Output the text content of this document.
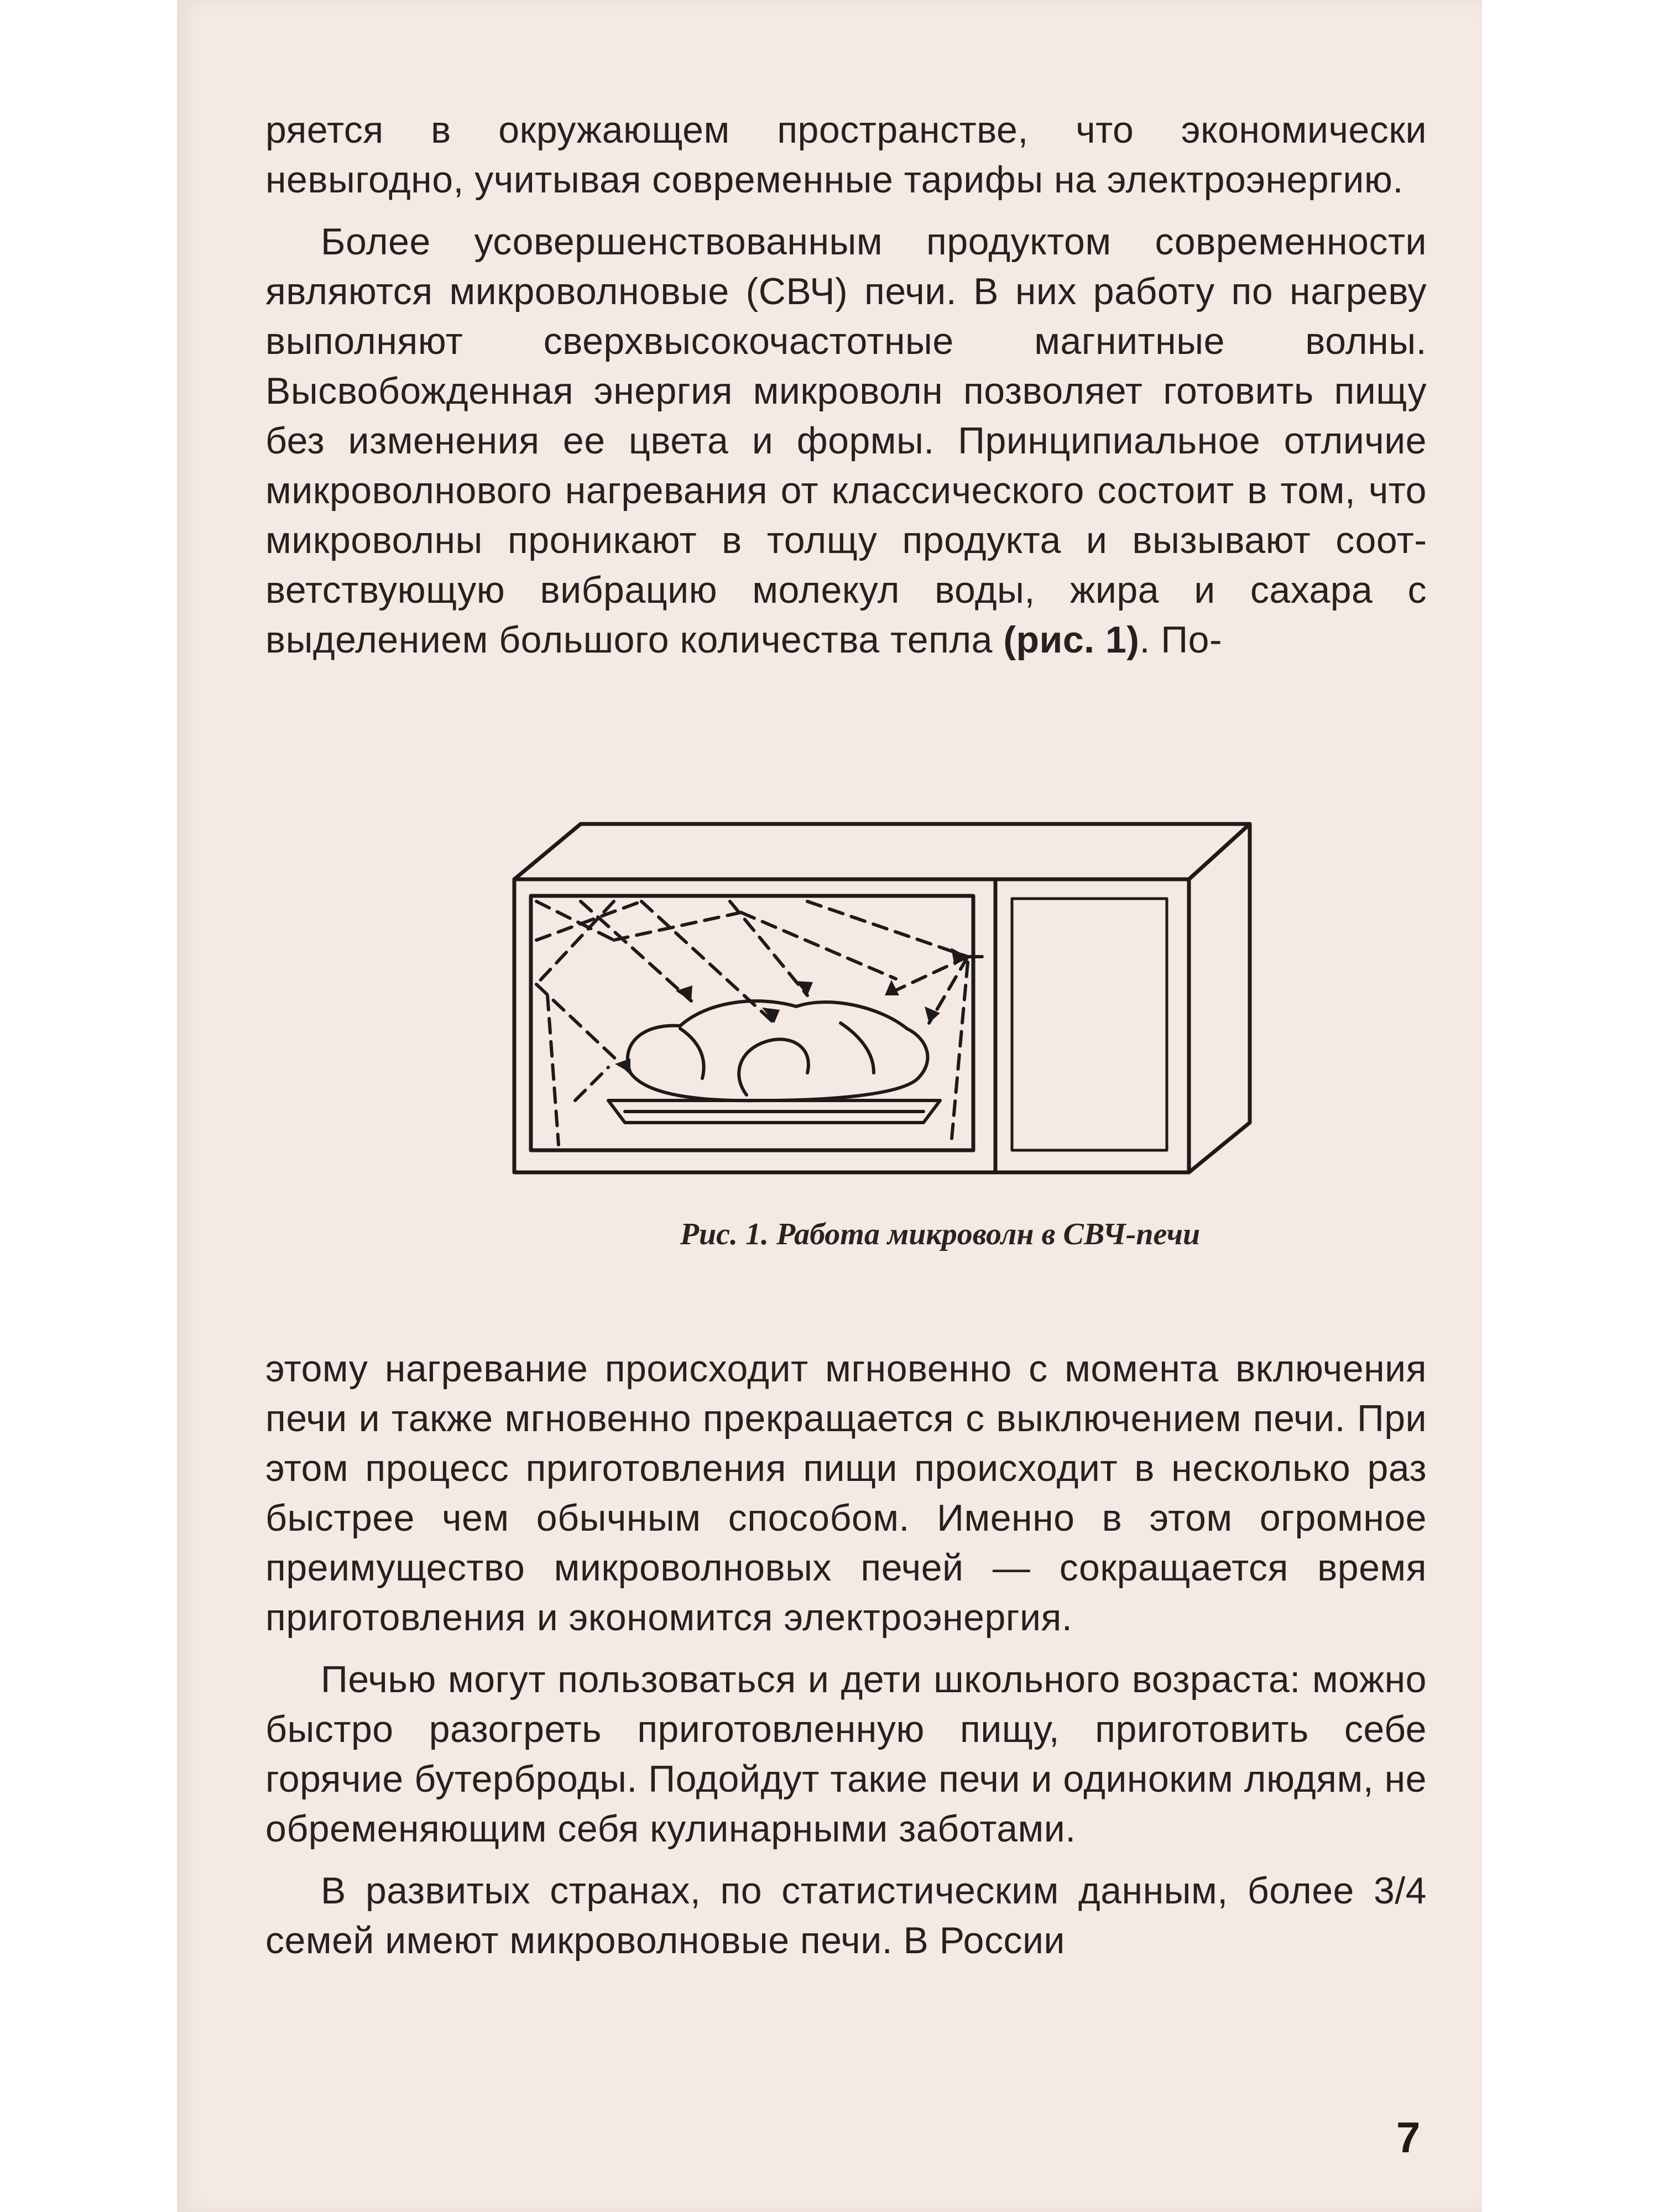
ряется в окружающем пространстве, что экономически невыгодно, учитывая современные тарифы на электроэнергию.

Более усовершенствованным продуктом современности являются микроволновые (СВЧ) печи. В них работу по нагреву выполняют сверхвысокочастотные магнитные волны. Высвобожденная энергия микроволн позволяет готовить пищу без изменения ее цвета и формы. Принципиальное отличие микроволнового нагревания от классического состоит в том, что микроволны проникают в толщу продукта и вызывают соответствующую вибрацию молекул воды, жира и сахара с выделением большого количества тепла (рис. 1). По-

Рис. 1. Работа микроволн в СВЧ-печи

этому нагревание происходит мгновенно с момента включения печи и также мгновенно прекращается с выключением печи. При этом процесс приготовления пищи происходит в несколько раз быстрее чем обычным способом. Именно в этом огромное преимущество микроволновых печей — сокращается время приготовления и экономится электроэнергия.

Печью могут пользоваться и дети школьного возраста: можно быстро разогреть приготовленную пищу, приготовить себе горячие бутерброды. Подойдут такие печи и одиноким людям, не обременяющим себя кулинарными заботами.

В развитых странах, по статистическим данным, более 3/4 семей имеют микроволновые печи. В России

7
